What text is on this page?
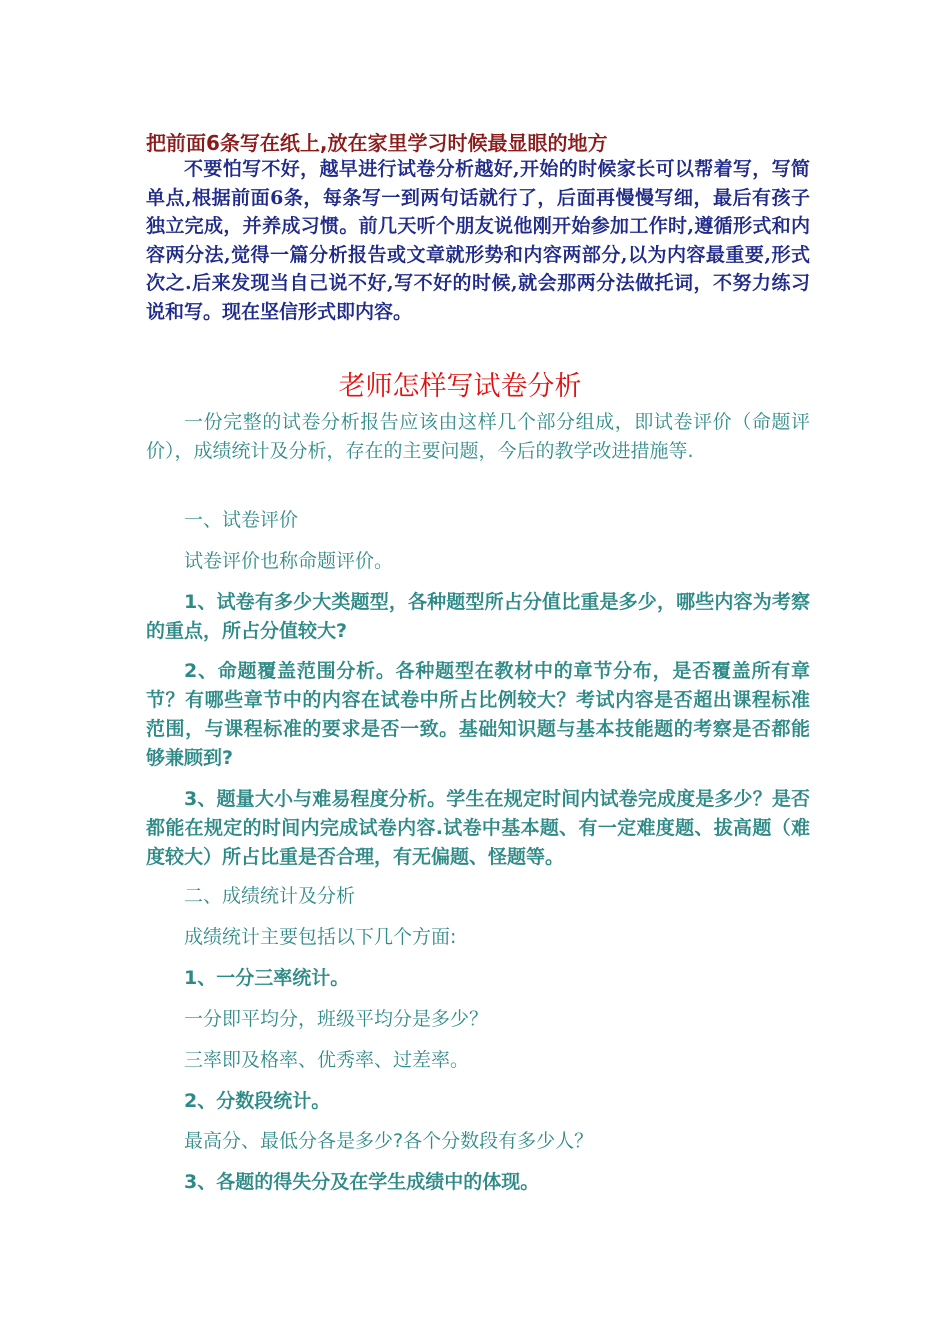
把前面6条写在纸上,放在家里学习时候最显眼的地方
不要怕写不好，越早进行试卷分析越好,开始的时候家长可以帮着写，写简单点,根据前面6条，每条写一到两句话就行了，后面再慢慢写细，最后有孩子独立完成，并养成习惯。前几天听个朋友说他刚开始参加工作时,遵循形式和内容两分法,觉得一篇分析报告或文章就形势和内容两部分,以为内容最重要,形式次之.后来发现当自己说不好,写不好的时候,就会那两分法做托词，不努力练习说和写。现在坚信形式即内容。
老师怎样写试卷分析
一份完整的试卷分析报告应该由这样几个部分组成，即试卷评价（命题评价），成绩统计及分析，存在的主要问题，今后的教学改进措施等.
一、试卷评价
试卷评价也称命题评价。
1、试卷有多少大类题型，各种题型所占分值比重是多少，哪些内容为考察的重点，所占分值较大?
2、命题覆盖范围分析。各种题型在教材中的章节分布，是否覆盖所有章节？有哪些章节中的内容在试卷中所占比例较大？考试内容是否超出课程标准范围，与课程标准的要求是否一致。基础知识题与基本技能题的考察是否都能够兼顾到?
3、题量大小与难易程度分析。学生在规定时间内试卷完成度是多少？是否都能在规定的时间内完成试卷内容.试卷中基本题、有一定难度题、拔高题（难度较大）所占比重是否合理，有无偏题、怪题等。
二、成绩统计及分析
成绩统计主要包括以下几个方面:
1、一分三率统计。
一分即平均分，班级平均分是多少？
三率即及格率、优秀率、过差率。
2、分数段统计。
最高分、最低分各是多少?各个分数段有多少人？
3、各题的得失分及在学生成绩中的体现。
